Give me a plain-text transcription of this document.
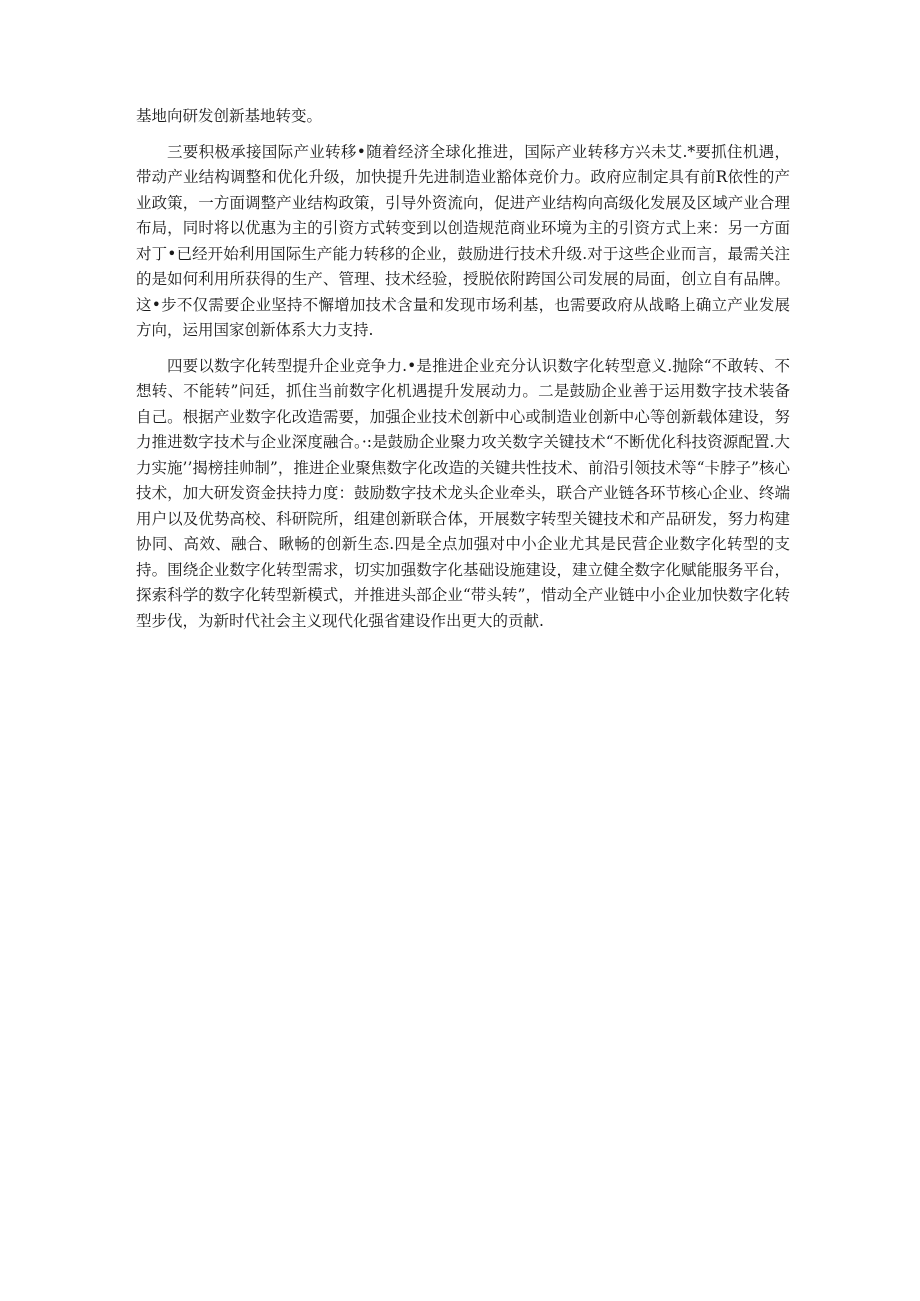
基地向研发创新基地转变。

三要积极承接国际产业转移•随着经济全球化推进，国际产业转移方兴未艾.*要抓住机遇，带动产业结构调整和优化升级，加快提升先进制造业豁体竞价力。政府应制定具有前R依性的产业政策，一方面调整产业结构政策，引导外资流向，促进产业结构向高级化发展及区域产业合理布局，同时将以优惠为主的引资方式转变到以创造规范商业环境为主的引资方式上来：另一方面对丁•已经开始利用国际生产能力转移的企业，鼓励进行技术升级.对于这些企业而言，最需关注的是如何利用所获得的生产、管理、技术经验，授脱依附跨国公司发展的局面，创立自有品牌。这•步不仅需要企业坚持不懈增加技术含量和发现市场利基，也需要政府从战略上确立产业发展方向，运用国家创新体系大力支持.

四要以数字化转型提升企业竞争力.•是推进企业充分认识数字化转型意义.抛除“不敢转、不想转、不能转”问廷，抓住当前数字化机遇提升发展动力。二是鼓励企业善于运用数字技术装备自己。根据产业数字化改造需要，加强企业技术创新中心或制造业创新中心等创新载体建设，努力推进数字技术与企业深度融合。·:是鼓励企业聚力攻关数字关键技术“不断优化科技资源配置.大力实施’’揭榜挂帅制”，推进企业聚焦数字化改造的关键共性技术、前沿引领技术等“卡脖子”核心技术，加大研发资金扶持力度：鼓励数字技术龙头企业牵头，联合产业链各环节核心企业、终端用户以及优势高校、科研院所，组建创新联合体，开展数字转型关键技术和产品研发，努力构建协同、高效、融合、瞅畅的创新生态.四是全点加强对中小企业尤其是民营企业数字化转型的支持。围绕企业数字化转型需求，切实加强数字化基础设施建设，建立健全数字化赋能服务平台，探索科学的数字化转型新模式，并推进头部企业“带头转”，惜动全产业链中小企业加快数字化转型步伐，为新时代社会主义现代化强省建设作出更大的贡献.
